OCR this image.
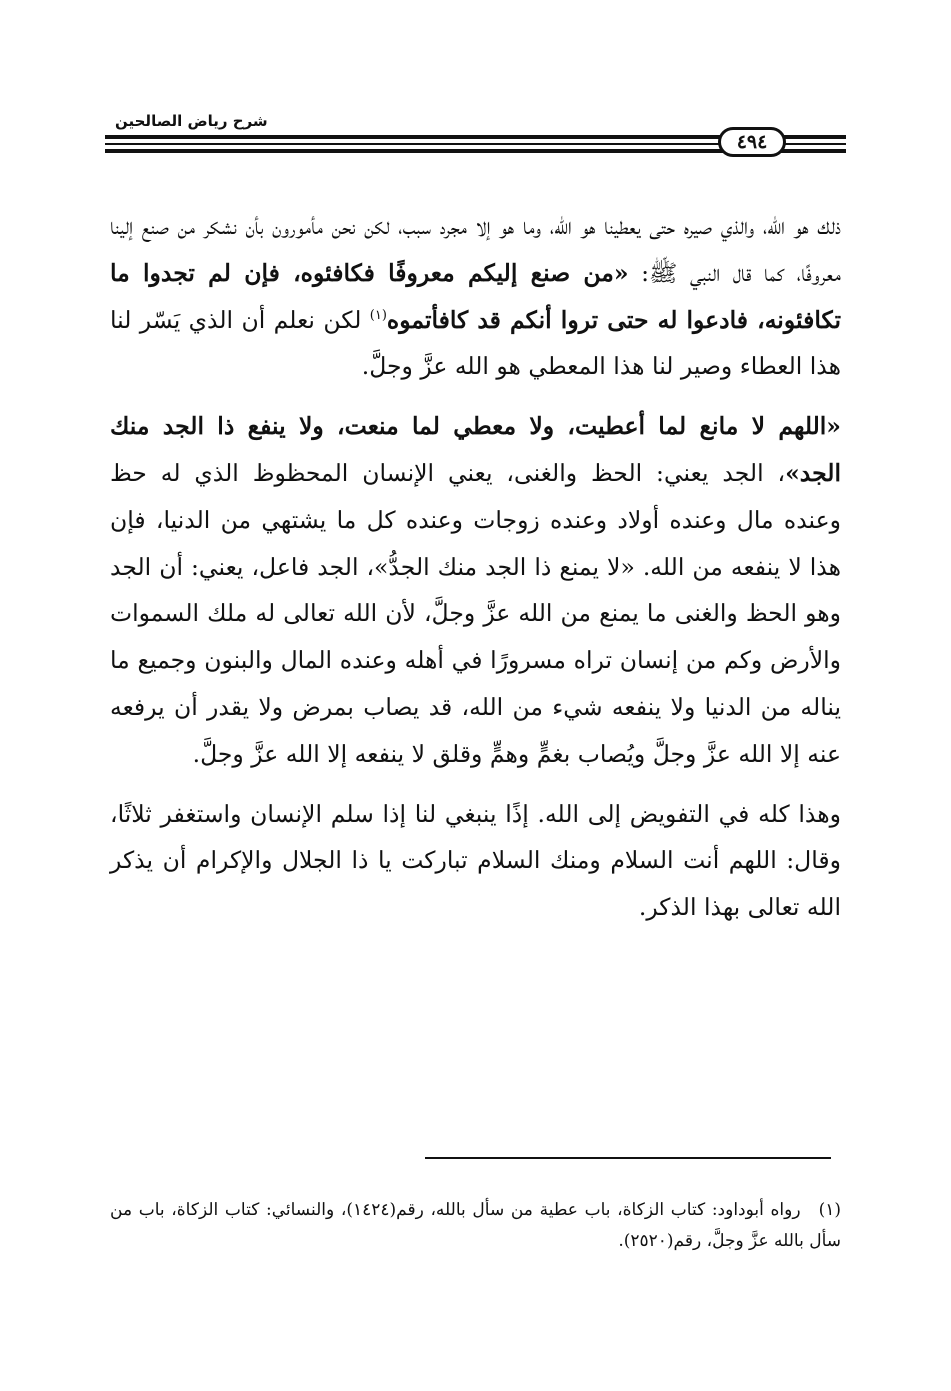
شرح رياض الصالحين
٤٩٤

ذلك هو الله، والذي صيره حتى يعطينا هو الله، وما هو إلا مجرد سبب، لكن نحن مأمورون بأن نشكر من صنع إلينا معروفًا، كما قال النبي ﷺ: «من صنع إليكم معروفًا فكافئوه، فإن لم تجدوا ما تكافئونه، فادعوا له حتى تروا أنكم قد كافأتموه$^{(١)}$ لكن نعلم أن الذي يَسّر لنا هذا العطاء وصير لنا هذا المعطي هو الله عزَّ وجلَّ.

«اللهم لا مانع لما أعطيت، ولا معطي لما منعت، ولا ينفع ذا الجد منك الجد»، الجد يعني: الحظ والغنى، يعني الإنسان المحظوظ الذي له حظ وعنده مال وعنده أولاد وعنده زوجات وعنده كل ما يشتهي من الدنيا، فإن هذا لا ينفعه من الله. «لا يمنع ذا الجد منك الجدُّ»، الجد فاعل، يعني: أن الجد وهو الحظ والغنى ما يمنع من الله عزَّ وجلَّ، لأن الله تعالى له ملك السموات والأرض وكم من إنسان تراه مسرورًا في أهله وعنده المال والبنون وجميع ما يناله من الدنيا ولا ينفعه شيء من الله، قد يصاب بمرض ولا يقدر أن يرفعه عنه إلا الله عزَّ وجلَّ ويُصاب بغمٍّ وهمٍّ وقلق لا ينفعه إلا الله عزَّ وجلَّ.

وهذا كله في التفويض إلى الله. إذًا ينبغي لنا إذا سلم الإنسان واستغفر ثلاثًا، وقال: اللهم أنت السلام ومنك السلام تباركت يا ذا الجلال والإكرام أن يذكر الله تعالى بهذا الذكر.

(١)رواه أبوداود: كتاب الزكاة، باب عطية من سأل بالله، رقم(١٤٢٤)، والنسائي: كتاب الزكاة، باب من سأل بالله عزَّ وجلَّ، رقم(٢٥٢٠).
